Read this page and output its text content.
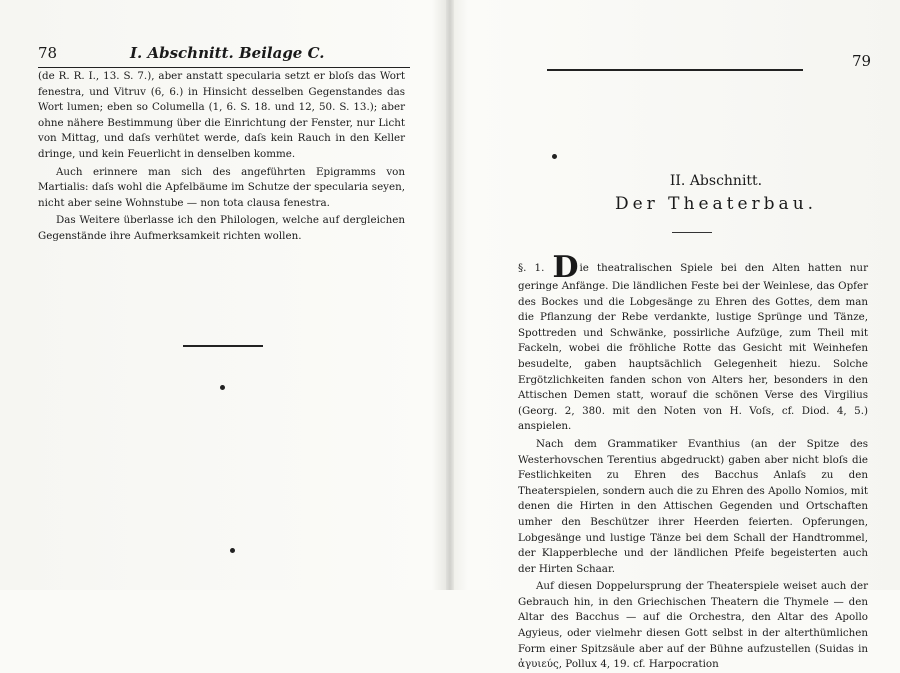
78	I. Abschnitt. Beilage C.

(de R. R. I., 13. S. 7.), aber anstatt specularia setzt er bloſs das Wort fenestra, und Vitruv (6, 6.) in Hinsicht desselben Gegenstandes das Wort lumen; eben so Columella (1, 6. S. 18. und 12, 50. S. 13.); aber ohne nähere Bestimmung über die Einrichtung der Fenster, nur Licht von Mittag, und daſs verhütet werde, daſs kein Rauch in den Keller dringe, und kein Feuerlicht in denselben komme.

Auch erinnere man sich des angeführten Epigramms von Martialis: daſs wohl die Apfelbäume im Schutze der specularia seyen, nicht aber seine Wohnstube — non tota clausa fenestra.

Das Weitere überlasse ich den Philologen, welche auf dergleichen Gegenstände ihre Aufmerksamkeit richten wollen.

79
II. Abschnitt.
Der Theaterbau.

§. 1. Die theatralischen Spiele bei den Alten hatten nur geringe Anfänge. Die ländlichen Feste bei der Weinlese, das Opfer des Bockes und die Lobgesänge zu Ehren des Gottes, dem man die Pflanzung der Rebe verdankte, lustige Sprünge und Tänze, Spottreden und Schwänke, possirliche Aufzüge, zum Theil mit Fackeln, wobei die fröhliche Rotte das Gesicht mit Weinhefen besudelte, gaben hauptsächlich Gelegenheit hiezu. Solche Ergötzlichkeiten fanden schon von Alters her, besonders in den Attischen Demen statt, worauf die schönen Verse des Virgilius (Georg. 2, 380. mit den Noten von H. Voſs, cf. Diod. 4, 5.) anspielen.

Nach dem Grammatiker Evanthius (an der Spitze des Westerhovschen Terentius abgedruckt) gaben aber nicht bloſs die Festlichkeiten zu Ehren des Bacchus Anlaſs zu den Theaterspielen, sondern auch die zu Ehren des Apollo Nomios, mit denen die Hirten in den Attischen Gegenden und Ortschaften umher den Beschützer ihrer Heerden feierten. Opferungen, Lobgesänge und lustige Tänze bei dem Schall der Handtrommel, der Klapperbleche und der ländlichen Pfeife begeisterten auch der Hirten Schaar.

Auf diesen Doppelursprung der Theaterspiele weiset auch der Gebrauch hin, in den Griechischen Theatern die Thymele — den Altar des Bacchus — auf die Orchestra, den Altar des Apollo Agyieus, oder vielmehr diesen Gott selbst in der alterthümlichen Form einer Spitzsäule aber auf der Bühne aufzustellen (Suidas in ἀγυιεύς, Pollux 4, 19. cf. Harpocration
